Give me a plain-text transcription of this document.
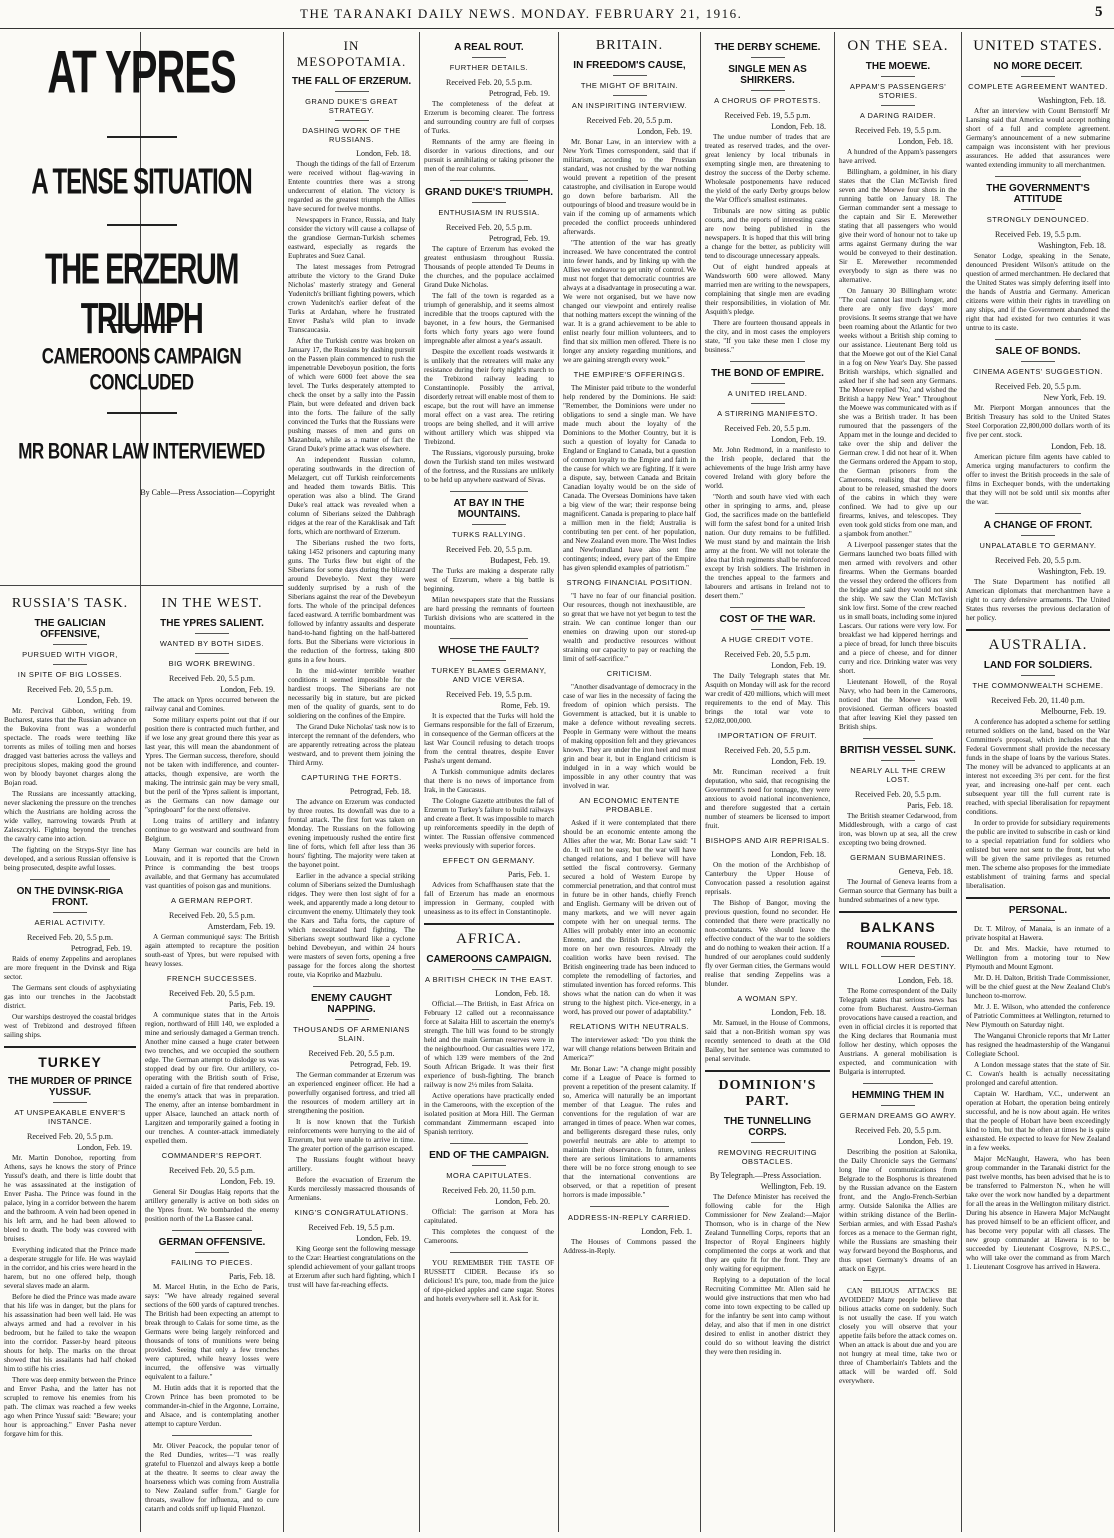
THE TARANAKI DAILY NEWS. MONDAY. FEBRUARY 21, 1916.	5
AT YPRES
A TENSE SITUATION
THE ERZERUM TRIUMPH
CAMEROONS CAMPAIGN CONCLUDED
MR BONAR LAW INTERVIEWED
By Cable—Press Association—Copyright
RUSSIA'S TASK.
THE GALICIAN OFFENSIVE,
PURSUED WITH VIGOR,
IN SPITE OF BIG LOSSES.
Received Feb. 20, 5.5 p.m.
London, Feb. 19.

Mr. Percival Gibbon, writing from Bucharest, states that the Russian advance on the Bukovina front was a wonderful spectacle. The roads were teething like torrents as miles of toiling men and horses dragged vast batteries across the valleys and precipitous slopes, making good the ground won by bloody bayonet charges along the Bojan road.

The Russians are incessantly attacking, never slackening the pressure on the trenches which the Austrians are holding across the wide valley, narrowing towards Pruth at Zaleszczyki. Fighting beyond the trenches the cavalry came into action.

The fighting on the Stryps-Styr line has developed, and a serious Russian offensive is being prosecuted, despite awful losses.

ON THE DVINSK-RIGA FRONT.
AERIAL ACTIVITY.
Received Feb. 20, 5.5 p.m.
Petrograd, Feb. 19.

Raids of enemy Zeppelins and aeroplanes are more frequent in the Dvinsk and Riga sector.

The Germans sent clouds of asphyxiating gas into our trenches in the Jacobstadt district.

Our warships destroyed the coastal bridges west of Trebizond and destroyed fifteen sailing ships.

TURKEY
THE MURDER OF PRINCE YUSSUF.
AT UNSPEAKABLE ENVER'S INSTANCE.
Received Feb. 20, 5.5 p.m.
London, Feb. 19.

Mr. Martin Donohoe, reporting from Athens, says he knows the story of Prince Yussuf's death, and there is little doubt that he was assassinated at the instigation of Enver Pasha. The Prince was found in the palace, lying in a corridor between the harem and the bathroom. A vein had been opened in his left arm, and he had been allowed to bleed to death. The body was covered with bruises.

Everything indicated that the Prince made a desperate struggle for life. He was waylaid in the corridor, and his cries were heard in the harem, but no one offered help, though several slaves made an alarm.

Before he died the Prince was made aware that his life was in danger, but the plans for his assassination had been well laid. He was always armed and had a revolver in his bedroom, but he failed to take the weapon into the corridor. Passer-by heard piteous shouts for help. The marks on the throat showed that his assailants had half choked him to stifle his cries.

There was deep enmity between the Prince and Enver Pasha, and the latter has not scrupled to remove his enemies from his path. The climax was reached a few weeks ago when Prince Yussuf said: "Beware; your hour is approaching." Enver Pasha never forgave him for this.

IN THE WEST.
THE YPRES SALIENT.
WANTED BY BOTH SIDES.
BIG WORK BREWING.
Received Feb. 20, 5.5 p.m.
London, Feb. 19.

The attack on Ypres occurred between the railway canal and Comines.

Some military experts point out that if our position there is contracted much further, and if we lose any great ground there this year as last year, this will mean the abandonment of Ypres. The German success, therefore, should not be taken with indifference, and counter-attacks, though expensive, are worth the making. The intrinsic gain may be very small, but the peril of the Ypres salient is important, as the Germans can now damage our "springboard" for the next offensive.

Long trains of artillery and infantry continue to go westward and southward from Belgium.

Many German war councils are held in Louvain, and it is reported that the Crown Prince is commanding the best troops available, and that Germany has accumulated vast quantities of poison gas and munitions.

A GERMAN REPORT.
Received Feb. 20, 5.5 p.m.
Amsterdam, Feb. 19.

A German communiqué says: The British again attempted to recapture the position south-east of Ypres, but were repulsed with heavy losses.

FRENCH SUCCESSES.
Received Feb. 20, 5.5 p.m.
Paris, Feb. 19.

A communique states that in the Artois region, northward of Hill 140, we exploded a mine and seriously damaged a German trench. Another mine caused a huge crater between two trenches, and we occupied the southern edge. The German attempt to dislodge us was stopped dead by our fire. Our artillery, co-operating with the British south of Frise, raided a curtain of fire that rendered abortive the enemy's attack that was in preparation. The enemy, after an intense bombardment in upper Alsace, launched an attack north of Largitzen and temporarily gained a footing in our trenches. A counter-attack immediately expelled them.

COMMANDER'S REPORT.
Received Feb. 20, 5.5 p.m.
London, Feb. 19.

General Sir Douglas Haig reports that the artillery generally is active on both sides on the Ypres front. We bombarded the enemy position north of the La Bassee canal.

GERMAN OFFENSIVE.
FAILING TO PIECES.
Paris, Feb. 18.

M. Marcel Hutin, in the Echo de Paris, says: "We have already regained several sections of the 600 yards of captured trenches. The British had been expecting an attempt to break through to Calais for some time, as the Germans were being largely reinforced and thousands of tons of munitions were being provided. Seeing that only a few trenches were captured, while heavy losses were incurred, the offensive was virtually equivalent to a failure."

M. Hutin adds that it is reported that the Crown Prince has been promoted to be commander-in-chief in the Argonne, Lorraine, and Alsace, and is contemplating another attempt to capture Verdun.

Mr. Oliver Peacock, the popular tenor of the Red Dundies, writes—"I was really grateful to Fluenzol and always keep a bottle at the theatre. It seems to clear away the hoarseness which was coming from Australia to New Zealand suffer from." Gargle for throats, swallow for influenza, and to cure catarrh and colds sniff up liquid Fluenzol.

IN MESOPOTAMIA.
THE FALL OF ERZERUM.
GRAND DUKE'S GREAT STRATEGY.
DASHING WORK OF THE RUSSIANS.
London, Feb. 18.

Though the tidings of the fall of Erzerum were received without flag-waving in Entente countries there was a strong undercurrent of elation. The victory is regarded as the greatest triumph the Allies have secured for twelve months.

Newspapers in France, Russia, and Italy consider the victory will cause a collapse of the grandiose German-Turkish schemes eastward, especially as regards the Euphrates and Suez Canal.

The latest messages from Petrograd attribute the victory to the Grand Duke Nicholas' masterly strategy and General Yudenitch's brilliant fighting powers, which crown Yudenitch's earlier defeat of the Turks at Ardahan, where he frustrated Enver Pasha's wild plan to invade Transcaucasia.

After the Turkish centre was broken on January 17, the Russians by dashing pursuit on the Passen plain commenced to rush the impenetrable Deveboyun position, the forts of which were 6000 feet above the sea level. The Turks desperately attempted to check the onset by a sally into the Passin Plain, but were defeated and driven back into the forts. The failure of the sally convinced the Turks that the Russians were pushing masses of men and guns on Mazanbula, while as a matter of fact the Grand Duke's prime attack was elsewhere.

An independent Russian column, operating southwards in the direction of Melazgert, cut off Turkish reinforcements and headed them towards Bitlis. This operation was also a blind. The Grand Duke's real attack was revealed when a column of Siberians seized the Dahbragh ridges at the rear of the Karaklisak and Taft forts, which are northward of Erzerum.

The Siberians rushed the two forts, taking 1452 prisoners and capturing many guns. The Turks flew but eight of the Siberians for some days during the blizzard around Devebeylo. Next they were suddenly surprised by a rush of the Siberians against the rear of the Devebeyun forts. The whole of the principal defences faced eastward. A terrific bombardment was followed by infantry assaults and desperate hand-to-hand fighting on the half-battered forts. But the Siberians were victorious in the reduction of the fortress, taking 800 guns in a few hours.

In the mid-winter terrible weather conditions it seemed impossible for the hardiest troops. The Siberians are not necessarily big in stature, but are picked men of the quality of guards, sent to do soldiering on the confines of the Empire.

The Grand Duke Nicholas' task now is to intercept the remnant of the defenders, who are apparently retreating across the plateau westward, and to prevent them joining the Third Army.

CAPTURING THE FORTS.
Petrograd, Feb. 18.

The advance on Erzerum was conducted by three routes. Its downfall was due to a frontal attack. The first fort was taken on Monday. The Russians on the following evening impetuously rushed the entire first line of forts, which fell after less than 36 hours' fighting. The majority were taken at the bayonet point.

Earlier in the advance a special striking column of Siberians seized the Dumlushagh ridges. They were then lost sight of for a week, and apparently made a long detour to circumvent the enemy. Ultimately they took the Kars and Tafta forts, the capture of which necessitated hard fighting. The Siberians swept southward like a cyclone behind Devebeyun, and within 24 hours were masters of seven forts, opening a free passage for the forces along the shortest route, via Kopriko and Mazbulu.

ENEMY CAUGHT NAPPING.
THOUSANDS OF ARMENIANS SLAIN.
Received Feb. 20, 5.5 p.m.
Petrograd, Feb. 19.

The German commander at Erzerum was an experienced engineer officer. He had a powerfully organised fortress, and tried all the resources of modern artillery art in strengthening the position.

It is now known that the Turkish reinforcements were hurrying to the aid of Erzerum, but were unable to arrive in time. The greater portion of the garrison escaped.

The Russians fought without heavy artillery.

Before the evacuation of Erzerum the Kurds mercilessly massacred thousands of Armenians.

KING'S CONGRATULATIONS.
Received Feb. 19, 5.5 p.m.
London, Feb. 19.

King George sent the following message to the Czar: Heartiest congratulations on the splendid achievement of your gallant troops at Erzerum after such hard fighting, which I trust will have far-reaching effects.

A REAL ROUT.
FURTHER DETAILS.
Received Feb. 20, 5.5 p.m.
Petrograd, Feb. 19.

The completeness of the defeat at Erzerum is becoming clearer. The fortress and surrounding country are full of corpses of Turks.

Remnants of the army are fleeing in disorder in various directions, and our pursuit is annihilating or taking prisoner the men of the rear columns.

GRAND DUKE'S TRIUMPH.
ENTHUSIASM IN RUSSIA.
Received Feb. 20, 5.5 p.m.
Petrograd, Feb. 19.

The capture of Erzerum has evoked the greatest enthusiasm throughout Russia. Thousands of people attended Te Deums in the churches, and the populace acclaimed Grand Duke Nicholas.

The fall of the town is regarded as a triumph of generalship, and it seems almost incredible that the troops captured with the bayonet, in a few hours, the Germanised forts which forty years ago were found impregnable after almost a year's assault.

Despite the excellent roads westwards it is unlikely that the retreaters will make any resistance during their forty night's march to the Trebizond railway leading to Constantinople. Possibly the arrival, disorderly retreat will enable most of them to escape, but the rout will have an immense moral effect on a vast area. The retiring troops are being shelled, and it will arrive without artillery which was shipped via Trebizond.

The Russians, vigorously pursuing, broke down the Turkish stand ten miles westward of the fortress, and the Russians are unlikely to be held up anywhere eastward of Sivas.

AT BAY IN THE MOUNTAINS.
TURKS RALLYING.
Received Feb. 20, 5.5 p.m.
Budapest, Feb. 19.

The Turks are making a desperate rally west of Erzerum, where a big battle is beginning.

Milan newspapers state that the Russians are hard pressing the remnants of fourteen Turkish divisions who are scattered in the mountains.

WHOSE THE FAULT?
TURKEY BLAMES GERMANY, AND VICE VERSA.
Received Feb. 19, 5.5 p.m.
Rome, Feb. 19.

It is expected that the Turks will hold the Germans responsible for the fall of Erzerum, in consequence of the German officers at the last War Council refusing to detach troops from the central theatres, despite Enver Pasha's urgent demand.

A Turkish communique admits declares that there is no news of importance from Irak, in the Caucasus.

The Cologne Gazette attributes the fall of Erzerum to Turkey's failure to build railways and create a fleet. It was impossible to march up reinforcements speedily in the depth of winter. The Russian offensive commenced weeks previously with superior forces.

EFFECT ON GERMANY.
Paris, Feb. 1.

Advices from Schaffhausen state that the fall of Erzerum has made an enormous impression in Germany, coupled with uneasiness as to its effect in Constantinople.

AFRICA.
CAMEROONS CAMPAIGN.
A BRITISH CHECK IN THE EAST.
London, Feb. 18.

Official.—The British, in East Africa on February 12 called out a reconnaissance force at Salaita Hill to ascertain the enemy's strength. The hill was found to be strongly held and the main German reserves were in the neighbourhood. Our casualties were 172, of which 139 were members of the 2nd South African Brigade. It was their first experience of bush-fighting. The branch railway is now 2½ miles from Salaita.

Active operations have practically ended in the Cameroons, with the exception of the isolated position at Mora Hill. The German commandant Zimmermann escaped into Spanish territory.

END OF THE CAMPAIGN.
MORA CAPITULATES.
Received Feb. 20, 11.50 p.m.
London, Feb. 20.

Official: The garrison at Mora has capitulated.

This completes the conquest of the Cameroons.

YOU REMEMBER THE TASTE OF RUSSETT CIDER. Because it's so delicious! It's pure, too, made from the juice of ripe-picked apples and cane sugar. Stores and hotels everywhere sell it. Ask for it.

BRITAIN.
IN FREEDOM'S CAUSE,
THE MIGHT OF BRITAIN.
AN INSPIRITING INTERVIEW.
Received Feb. 20, 5.5 p.m.
London, Feb. 19.

Mr. Bonar Law, in an interview with a New York Times correspondent, said that if militarism, according to the Prussian standard, was not crushed by the war nothing would prevent a repetition of the present catastrophe, and civilisation in Europe would go down before barbarism. All the outpourings of blood and treasure would be in vain if the coming up of armaments which preceded the conflict proceeds unhindered afterwards.

"The attention of the war has greatly increased. We have concentrated the control into fewer hands, and by linking up with the Allies we endeavor to get unity of control. We must not forget that democratic countries are always at a disadvantage in prosecuting a war. We were not organised, but we have now changed our viewpoint and entirely realise that nothing matters except the winning of the war. It is a grand achievement to be able to enlist nearly four million volunteers, and to find that six million men offered. There is no longer any anxiety regarding munitions, and we are gaining strength every week."

THE EMPIRE'S OFFERINGS.

The Minister paid tribute to the wonderful help rendered by the Dominions. He said: "Remember, the Dominions were under no obligations to send a single man. We have made much about the loyalty of the Dominions to the Mother Country, but it is such a question of loyalty for Canada to England or England to Canada, but a question of common loyalty to the Empire and faith in the cause for which we are fighting. If it were a dispute, say, between Canada and Britain Canadian loyalty would be on the side of Canada. The Overseas Dominions have taken a big view of the war; their response being magnificent. Canada is preparing to place half a million men in the field; Australia is contributing ten per cent. of her population, and New Zealand even more. The West Indies and Newfoundland have also sent fine contingents; indeed, every part of the Empire has given splendid examples of patriotism."

STRONG FINANCIAL POSITION.

"I have no fear of our financial position. Our resources, though not inexhaustible, are so great that we have not yet begun to test the strain. We can continue longer than our enemies on drawing upon our stored-up wealth and productive resources without straining our capacity to pay or reaching the limit of self-sacrifice."

CRITICISM.

"Another disadvantage of democracy in the case of war lies in the necessity of facing the freedom of opinion which persists. The Government is attacked, but it is unable to make a defence without revealing secrets. People in Germany were without the means of making opposition felt and they grievances known. They are under the iron heel and must grin and bear it, but in England criticism is indulged in in a way which would be impossible in any other country that was involved in war.

AN ECONOMIC ENTENTE PROBABLE.

Asked if it were contemplated that there should be an economic entente among the Allies after the war, Mr. Bonar Law said: "I do. It will not be easy, but the war will have changed relations, and I believe will have settled the fiscal controversy. Germany secured a hold of Western Europe by commercial penetration, and that control must in future be in other hands, chiefly French and English. Germany will be driven out of many markets, and we will never again compete with her on unequal terms. The Allies will probably enter into an economic Entente, and the British Empire will rely more on her own resources. Already the coalition works have been revised. The British engineering trade has been induced to complete the remodelling of factories, and stimulated invention has forced reforms. This shows what the nation can do when it was strung to the highest pitch. Vice-energy, in a word, has proved our power of adaptability."

RELATIONS WITH NEUTRALS.

The interviewer asked: "Do you think the war will change relations between Britain and America?"

Mr. Bonar Law: "A change might possibly come if a League of Peace is formed to prevent a repetition of the present calamity. If so, America will naturally be an important member of that League. The rules and conventions for the regulation of war are arranged in times of peace. When war comes, and belligerents disregard these rules, only powerful neutrals are able to attempt to maintain their observance. In future, unless there are serious limitations to armaments there will be no force strong enough to see that the international conventions are observed, or that a repetition of present horrors is made impossible."

ADDRESS-IN-REPLY CARRIED.
London, Feb. 1.

The Houses of Commons passed the Address-in-Reply.

THE DERBY SCHEME.
SINGLE MEN AS SHIRKERS.
A CHORUS OF PROTESTS.
Received Feb. 19, 5.5 p.m.
London, Feb. 18.

The undue number of trades that are treated as reserved trades, and the over-great leniency by local tribunals in exempting single men, are threatening to destroy the success of the Derby scheme. Wholesale postponements have reduced the yield of the early Derby groups below the War Office's smallest estimates.

Tribunals are now sitting as public courts, and the reports of interesting cases are now being published in the newspapers. It is hoped that this will bring a change for the better, as publicity will tend to discourage unnecessary appeals.

Out of eight hundred appeals at Wandsworth 600 were allowed. Many married men are writing to the newspapers, complaining that single men are evading their responsibilities, in violation of Mr. Asquith's pledge.

There are fourteen thousand appeals in the city, and in most cases the employers state, "If you take these men I close my business."

THE BOND OF EMPIRE.
A UNITED IRELAND.
A STIRRING MANIFESTO.
Received Feb. 20, 5.5 p.m.
London, Feb. 19.

Mr. John Redmond, in a manifesto to the Irish people, declared that the achievements of the huge Irish army have covered Ireland with glory before the world.

"North and south have vied with each other in springing to arms, and, please God, the sacrifices made on the battlefield will form the safest bond for a united Irish nation. Our duty remains to be fulfilled. We must stand by and maintain the Irish army at the front. We will not tolerate the idea that Irish regiments shall be reinforced except by Irish soldiers. The Irishmen in the trenches appeal to the farmers and labourers and artisans in Ireland not to desert them."

COST OF THE WAR.
A HUGE CREDIT VOTE.
Received Feb. 20, 5.5 p.m.
London, Feb. 19.

The Daily Telegraph states that Mr. Asquith on Monday will ask for the record war credit of 420 millions, which will meet requirements to the end of May. This brings the total war vote to £2,082,000,000.

IMPORTATION OF FRUIT.
Received Feb. 20, 5.5 p.m.
London, Feb. 19.

Mr. Runciman received a fruit deputation, who said, that recognising the Government's need for tonnage, they were anxious to avoid national inconvenience, and therefore suggested that a certain number of steamers be licensed to import fruit.

BISHOPS AND AIR REPRISALS.
London, Feb. 18.

On the motion of the Archbishop of Canterbury the Upper House of Convocation passed a resolution against reprisals.

The Bishop of Bangor, moving the previous question, found no seconder. He contended that there were practically no non-combatants. We should leave the effective conduct of the war to the soldiers and do nothing to weaken their action. If a hundred of our aeroplanes could suddenly fly over German cities, the Germans would realise that sending Zeppelins was a blunder.

A WOMAN SPY.
London, Feb. 18.

Mr. Samuel, in the House of Commons, said that a non-British woman spy was recently sentenced to death at the Old Bailey, but her sentence was commuted to penal servitude.

DOMINION'S PART.
THE TUNNELLING CORPS.
REMOVING RECRUITING OBSTACLES.
By Telegraph.—Press Association.
Wellington, Feb. 19.

The Defence Minister has received the following cable for the High Commissioner for New Zealand:—Major Thomson, who is in charge of the New Zealand Tunnelling Corps, reports that an Inspector of Royal Engineers highly complimented the corps at work and that they are quite fit for the front. They are only waiting for equipment.

Replying to a deputation of the local Recruiting Committee Mr. Allen said he would give instructions that men who had come into town expecting to be called up for the infantry be sent into camp without delay, and also that if men in one district desired to enlist in another district they could do so without leaving the district they were then residing in.

ON THE SEA.
THE MOEWE.
APPAM'S PASSENGERS' STORIES.
A DARING RAIDER.
Received Feb. 19, 5.5 p.m.
London, Feb. 18.

A hundred of the Appam's passengers have arrived.

Billingham, a goldminer, in his diary states that the Clan McTavish fired seven and the Moewe four shots in the running battle on January 18. The German commander sent a message to the captain and Sir E. Merewether stating that all passengers who would give their word of honour not to take up arms against Germany during the war would be conveyed to their destination. Sir E. Merewether recommended everybody to sign as there was no alternative.

On January 30 Billingham wrote: "The coal cannot last much longer, and there are only five days' more provisions. It seems strange that we have been roaming about the Atlantic for two weeks without a British ship coming to our assistance. Lieutenant Berg told us that the Moewe got out of the Kiel Canal in a fog on New Year's Day. She passed British warships, which signalled and asked her if she had seen any Germans. The Moewe replied 'No,' and wished the British a happy New Year." Throughout the Moewe was communicated with as if she was a British trader. It has been rumoured that the passengers of the Appam met in the lounge and decided to take over the ship and deliver the German crew. I did not hear of it. When the Germans ordered the Appam to stop, the German prisoners from the Cameroons, realising that they were about to be released, smashed the doors of the cabins in which they were confined. We had to give up our firearms, knives, and telescopes. They even took gold sticks from one man, and a sjambok from another."

A Liverpool passenger states that the Germans launched two boats filled with men armed with revolvers and other firearms. When the Germans boarded the vessel they ordered the officers from the bridge and said they would not sink the ship. We saw the Clan McTavish sink low first. Some of the crew reached us in small boats, including some injured Lascars. Our rations were very low. For breakfast we had kippered herrings and a piece of bread, for lunch three biscuits and a piece of cheese, and for dinner curry and rice. Drinking water was very short.

Lieutenant Howell, of the Royal Navy, who had been in the Cameroons, noticed that the Moewe was well provisioned. German officers boasted that after leaving Kiel they passed ten British ships.

BRITISH VESSEL SUNK.
NEARLY ALL THE CREW LOST.
Received Feb. 20, 5.5 p.m.
Paris, Feb. 18.

The British steamer Cedarwood, from Middlesbrough, with a cargo of cast iron, was blown up at sea, all the crew excepting two being drowned.

GERMAN SUBMARINES.
Geneva, Feb. 18.

The Journal of Geneva learns from a German source that Germany has built a hundred submarines of a new type.

BALKANS
ROUMANIA ROUSED.
WILL FOLLOW HER DESTINY.
London, Feb. 18.

The Rome correspondent of the Daily Telegraph states that serious news has come from Bucharest. Austro-German provocations have caused a reaction, and even in official circles it is reported that the King declares that Roumania must follow her destiny, which opposes the Austrians. A general mobilisation is expected, and communication with Bulgaria is interrupted.

HEMMING THEM IN
GERMAN DREAMS GO AWRY.
Received Feb. 20, 5.5 p.m.
London, Feb. 19.

Describing the position at Salonika, the Daily Chronicle says the Germans' long line of communications from Belgrade to the Bosphorus is threatened by the Russian advance on the Eastern front, and the Anglo-French-Serbian army. Outside Salonika the Allies are within striking distance of the Berlin-Serbian armies, and with Essad Pasha's forces as a menace to the German right, while the Russians are smashing their way forward beyond the Bosphorus, and thus upset Germany's dreams of an attack on Egypt.

CAN BILIOUS ATTACKS BE AVOIDED? Many people believe that bilious attacks come on suddenly. Such is not usually the case. If you watch closely you will observe that your appetite fails before the attack comes on. When an attack is about due and you are not hungry at meal time, take two or three of Chamberlain's Tablets and the attack will be warded off. Sold everywhere.

UNITED STATES.
NO MORE DECEIT.
COMPLETE AGREEMENT WANTED.
Washington, Feb. 18.

After an interview with Count Bernstorff Mr Lansing said that America would accept nothing short of a full and complete agreement. Germany's announcement of a new submarine campaign was inconsistent with her previous assurances. He added that assurances were wanted extending immunity to all merchantmen.

THE GOVERNMENT'S ATTITUDE
STRONGLY DENOUNCED.
Received Feb. 19, 5.5 p.m.
Washington, Feb. 18.

Senator Lodge, speaking in the Senate, denounced President Wilson's attitude on the question of armed merchantmen. He declared that the United States was simply deferring itself into the hands of Austria and Germany. American citizens were within their rights in travelling on any ships, and if the Government abandoned the right that had existed for two centuries it was untrue to its caste.

SALE OF BONDS.
CINEMA AGENTS' SUGGESTION.
Received Feb. 20, 5.5 p.m.
New York, Feb. 19.

Mr. Pierpont Morgan announces that the British Treasury has sold to the United States Steel Corporation 22,800,000 dollars worth of its five per cent. stock.

London, Feb. 18.

American picture film agents have cabled to America urging manufacturers to confirm the offer to invest the British proceeds in the sale of films in Exchequer bonds, with the undertaking that they will not be sold until six months after the war.

A CHANGE OF FRONT.
UNPALATABLE TO GERMANY.
Received Feb. 20, 5.5 p.m.
Washington, Feb. 19.

The State Department has notified all American diplomats that merchantmen have a right to carry defensive armaments. The United States thus reverses the previous declaration of her policy.

AUSTRALIA.
LAND FOR SOLDIERS.
THE COMMONWEALTH SCHEME.
Received Feb. 20, 11.40 p.m.
Melbourne, Feb. 19.

A conference has adopted a scheme for settling returned soldiers on the land, based on the War Committee's proposal, which includes that the Federal Government shall provide the necessary funds in the shape of loans by the various States. The money will be advanced to applicants at an interest not exceeding 3½ per cent. for the first year, and increasing one-half per cent. each subsequent year till the full current rate is reached, with special liberalisation for repayment conditions.

In order to provide for subsidiary requirements the public are invited to subscribe in cash or kind to a special repatriation fund for soldiers who enlisted but were not sent to the front, but who will be given the same privileges as returned men. The scheme also proposes for the immediate establishment of training farms and special liberalisation.

PERSONAL.

Dr. T. Milroy, of Manaia, is an inmate of a private hospital at Hawera.

Dr. and Mrs. Mackie, have returned to Wellington from a motoring tour to New Plymouth and Mount Egmont.

Mr. D. H. Dalton, British Trade Commissioner, will be the chief guest at the New Zealand Club's luncheon to-morrow.

Mr. J. E. Wilson, who attended the conference of Patriotic Committees at Wellington, returned to New Plymouth on Saturday night.

The Wanganui Chronicle reports that Mr Latter has resigned the headmastership of the Wanganui Collegiate School.

A London message states that the state of Sir. C. Cowan's health is actually necessitating prolonged and careful attention.

Captain W. Hardham, V.C., underwent an operation at Hobart, the operation being entirely successful, and he is now about again. He writes that the people of Hobart have been exceedingly kind to him, but that he often at times he is quite exhausted. He expected to leave for New Zealand in a few weeks.

Major McNaught, Hawera, who has been group commander in the Taranaki district for the past twelve months, has been advised that he is to be transferred to Palmerston N., when he will take over the work now handled by a department for all the areas in the Wellington military district. During his absence in Hawera Major McNaught has proved himself to be an efficient officer, and has become very popular with all classes. The new group commander at Hawera is to be succeeded by Lieutenant Cosgrove, N.P.S.C., who will take over the command as from March 1. Lieutenant Cosgrove has arrived in Hawera.
